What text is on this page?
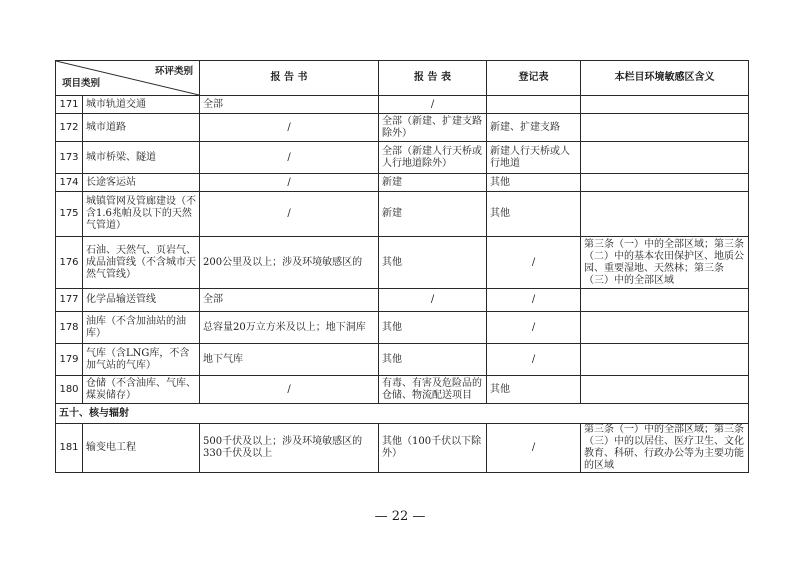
环评类别
项目类别		报 告 书	报 告 表	登记表	本栏目环境敏感区含义
171	城市轨道交通	全部	/		
172	城市道路	/	全部（新建、扩建支路除外）	新建、扩建支路	
173	城市桥梁、隧道	/	全部（新建人行天桥或人行地道除外）	新建人行天桥或人行地道	
174	长途客运站	/	新建	其他	
175	城镇管网及管廊建设（不含1.6兆帕及以下的天然气管道）	/	新建	其他	
176	石油、天然气、页岩气、成品油管线（不含城市天然气管线）	200公里及以上；涉及环境敏感区的	其他	/	第三条（一）中的全部区域；第三条（二）中的基本农田保护区、地质公园、重要湿地、天然林；第三条（三）中的全部区域
177	化学品输送管线	全部	/	/	
178	油库（不含加油站的油库）	总容量20万立方米及以上；地下洞库	其他	/	
179	气库（含LNG库，不含加气站的气库）	地下气库	其他	/	
180	仓储（不含油库、气库、煤炭储存）	/	有毒、有害及危险品的仓储、物流配送项目	其他	
五十、核与辐射					
181	输变电工程	500千伏及以上；涉及环境敏感区的330千伏及以上	其他（100千伏以下除外）	/	第三条（一）中的全部区域；第三条（三）中的以居住、医疗卫生、文化教育、科研、行政办公等为主要功能的区域
— 22 —
